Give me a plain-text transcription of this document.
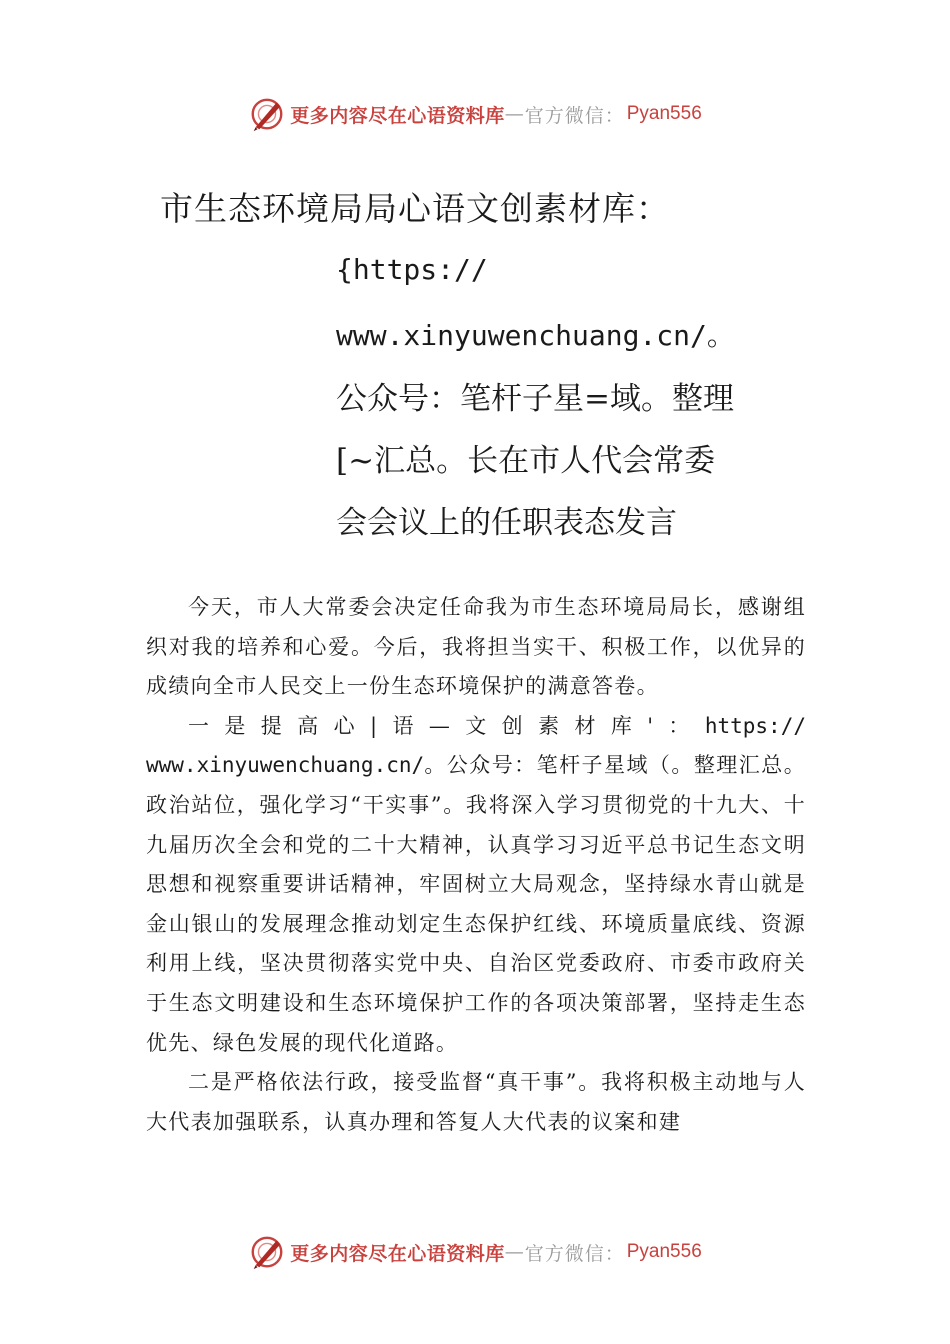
更多内容尽在心语资料库 — 官方微信： Pyan556
市生态环境局局心语文创素材库：
{https://
www.xinyuwenchuang.cn/。
公众号：笔杆子星=域。整理
[~汇总。长在市人代会常委
会会议上的任职表态发言

今天，市人大常委会决定任命我为市生态环境局局长，感谢组织对我的培养和心爱。今后，我将担当实干、积极工作，以优异的成绩向全市人民交上一份生态环境保护的满意答卷。

一是提高心|语—文创素材库'：https:// www.xinyuwenchuang.cn/。公众号：笔杆子星域（。整理汇总。政治站位，强化学习“干实事”。我将深入学习贯彻党的十九大、十九届历次全会和党的二十大精神，认真学习习近平总书记生态文明思想和视察重要讲话精神，牢固树立大局观念，坚持绿水青山就是金山银山的发展理念推动划定生态保护红线、环境质量底线、资源利用上线，坚决贯彻落实党中央、自治区党委政府、市委市政府关于生态文明建设和生态环境保护工作的各项决策部署，坚持走生态优先、绿色发展的现代化道路。

二是严格依法行政，接受监督“真干事”。我将积极主动地与人大代表加强联系，认真办理和答复人大代表的议案和建

更多内容尽在心语资料库 — 官方微信： Pyan556
